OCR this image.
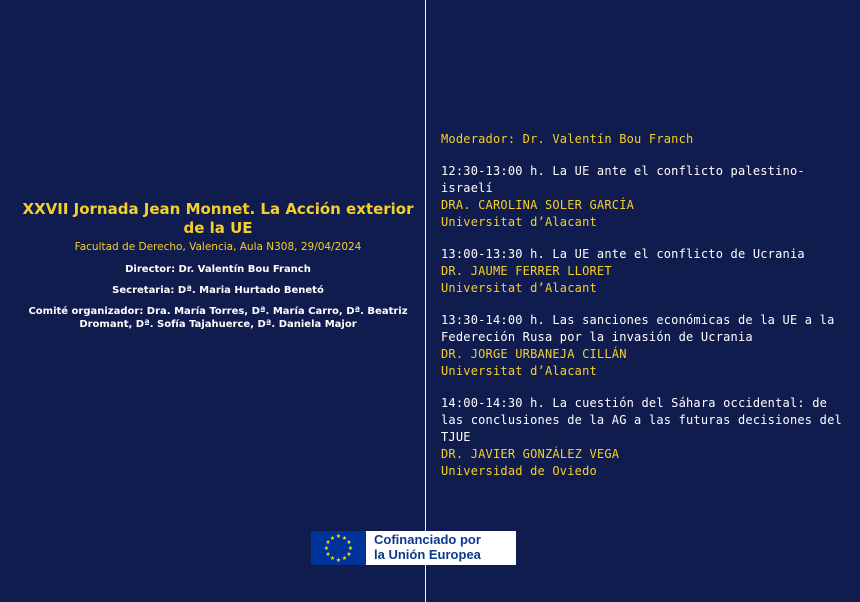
XXVII Jornada Jean Monnet. La Acción exterior de la UE

Facultad de Derecho, Valencia, Aula N308, 29/04/2024

Director: Dr. Valentín Bou Franch

Secretaria: Dª. Maria Hurtado Benetó

Comité organizador: Dra. María Torres, Dª. María Carro, Dª. Beatriz Dromant, Dª. Sofía Tajahuerce, Dª. Daniela Major

Moderador: Dr. Valentín Bou Franch
12:30-13:00 h. La UE ante el conflicto palestino-israelí
DRA. CAROLINA SOLER GARCÍA
Universitat d’Alacant
13:00-13:30 h. La UE ante el conflicto de Ucrania
DR. JAUME FERRER LLORET
Universitat d’Alacant
13:30-14:00 h. Las sanciones económicas de la UE a la Federeción Rusa por la invasión de Ucrania
DR. JORGE URBANEJA CILLÁN
Universitat d’Alacant
14:00-14:30 h. La cuestión del Sáhara occidental: de las conclusiones de la AG a las futuras decisiones del TJUE
DR. JAVIER GONZÁLEZ VEGA
Universidad de Oviedo
★ ★
★
★
★
★
★
★
★
★
★
★	Cofinanciado por
la Unión Europea
